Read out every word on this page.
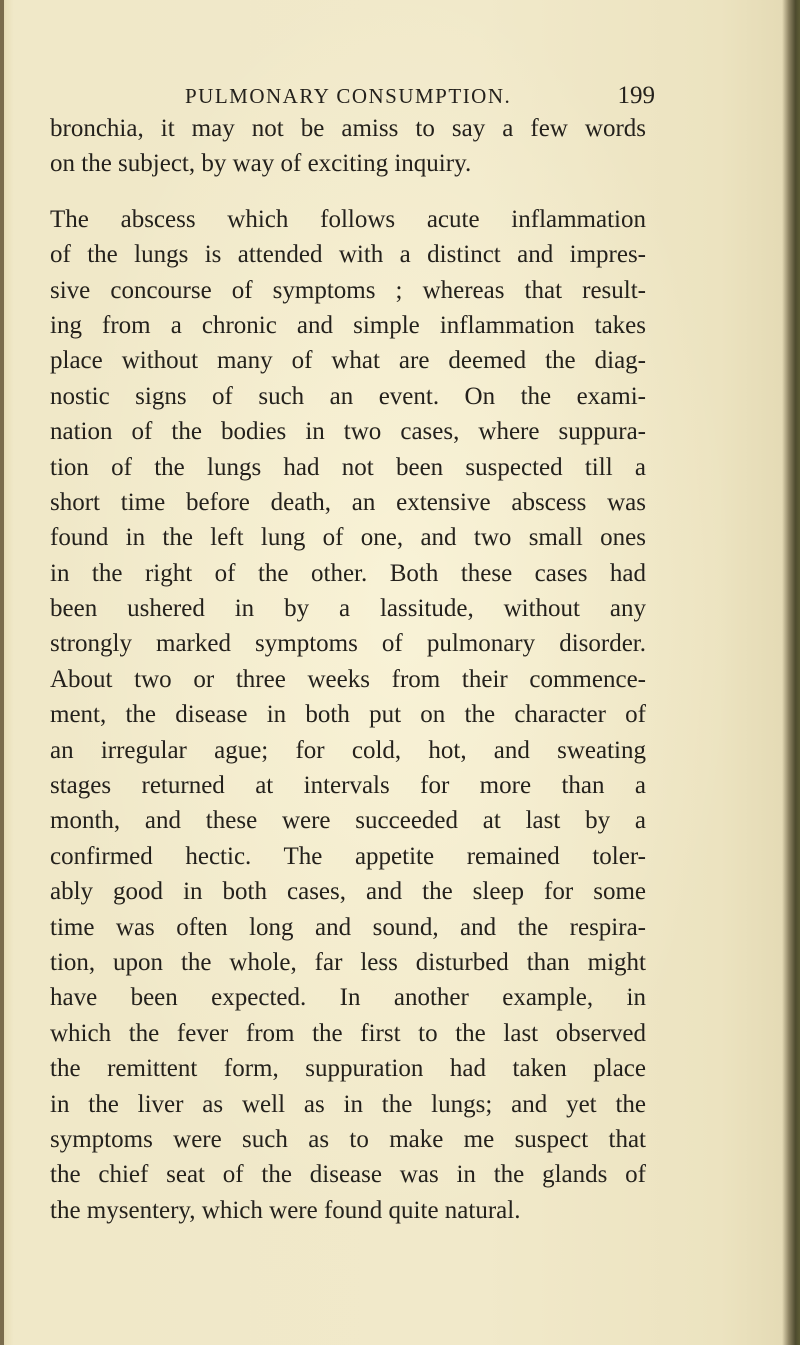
PULMONARY CONSUMPTION.	199
bronchia, it may not be amiss to say a few words
on the subject, by way of exciting inquiry.
The abscess which follows acute inflammation
of the lungs is attended with a distinct and impres-
sive concourse of symptoms ; whereas that result-
ing from a chronic and simple inflammation takes
place without many of what are deemed the diag-
nostic signs of such an event. On the exami-
nation of the bodies in two cases, where suppura-
tion of the lungs had not been suspected till a
short time before death, an extensive abscess was
found in the left lung of one, and two small ones
in the right of the other. Both these cases had
been ushered in by a lassitude, without any
strongly marked symptoms of pulmonary disorder.
About two or three weeks from their commence-
ment, the disease in both put on the character of
an irregular ague; for cold, hot, and sweating
stages returned at intervals for more than a
month, and these were succeeded at last by a
confirmed hectic. The appetite remained toler-
ably good in both cases, and the sleep for some
time was often long and sound, and the respira-
tion, upon the whole, far less disturbed than might
have been expected. In another example, in
which the fever from the first to the last observed
the remittent form, suppuration had taken place
in the liver as well as in the lungs; and yet the
symptoms were such as to make me suspect that
the chief seat of the disease was in the glands of
the mysentery, which were found quite natural.
